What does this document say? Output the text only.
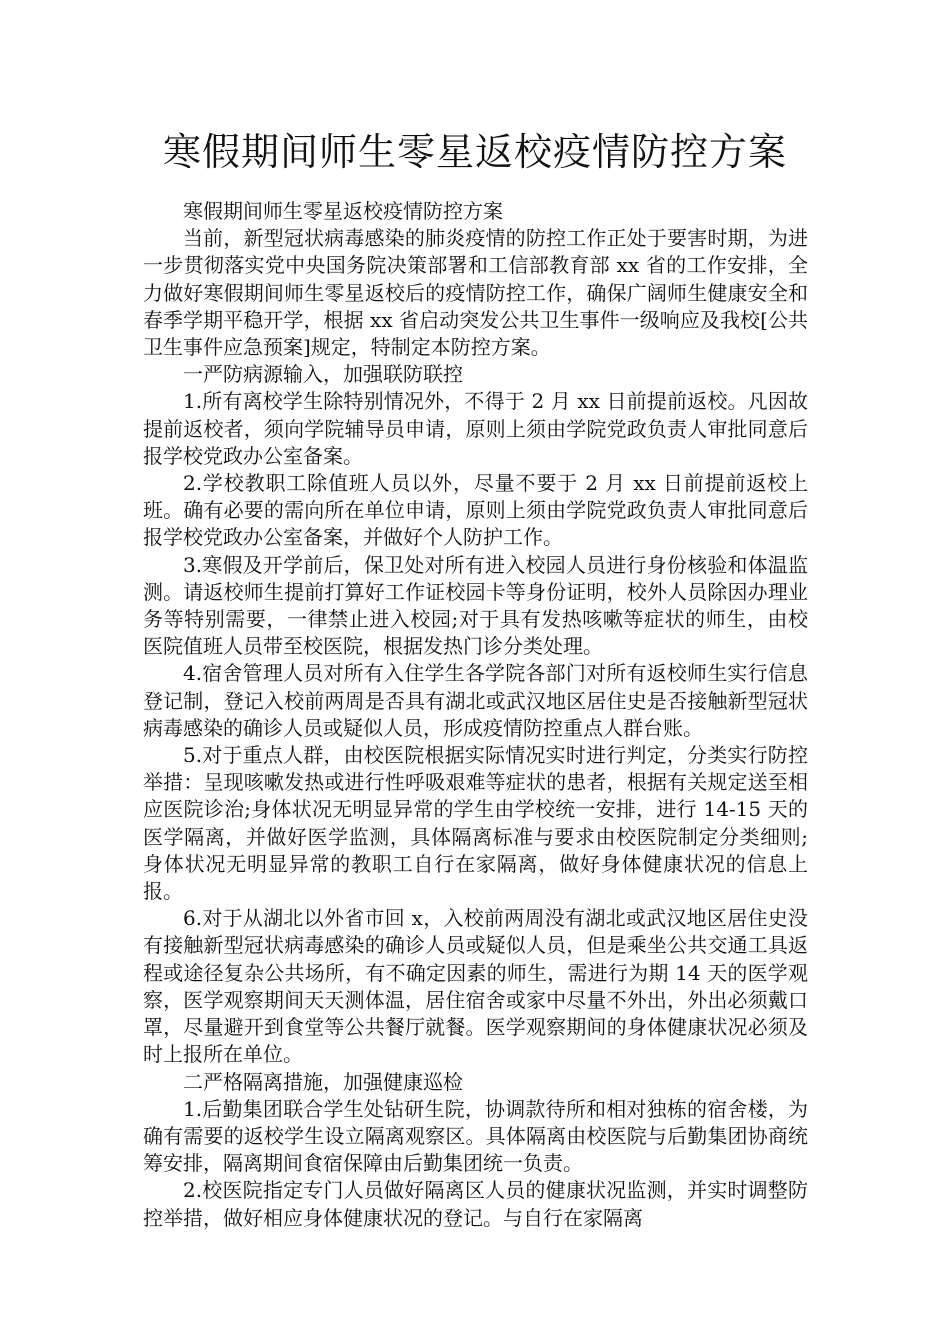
寒假期间师生零星返校疫情防控方案

寒假期间师生零星返校疫情防控方案

当前，新型冠状病毒感染的肺炎疫情的防控工作正处于要害时期，为进一步贯彻落实党中央国务院决策部署和工信部教育部 xx 省的工作安排，全力做好寒假期间师生零星返校后的疫情防控工作，确保广阔师生健康安全和春季学期平稳开学，根据 xx 省启动突发公共卫生事件一级响应及我校[公共卫生事件应急预案]规定，特制定本防控方案。

一严防病源输入，加强联防联控

1.所有离校学生除特别情况外，不得于 2 月 xx 日前提前返校。凡因故提前返校者，须向学院辅导员申请，原则上须由学院党政负责人审批同意后报学校党政办公室备案。

2.学校教职工除值班人员以外，尽量不要于 2 月 xx 日前提前返校上班。确有必要的需向所在单位申请，原则上须由学院党政负责人审批同意后报学校党政办公室备案，并做好个人防护工作。

3.寒假及开学前后，保卫处对所有进入校园人员进行身份核验和体温监测。请返校师生提前打算好工作证校园卡等身份证明，校外人员除因办理业务等特别需要，一律禁止进入校园;对于具有发热咳嗽等症状的师生，由校医院值班人员带至校医院，根据发热门诊分类处理。

4.宿舍管理人员对所有入住学生各学院各部门对所有返校师生实行信息登记制，登记入校前两周是否具有湖北或武汉地区居住史是否接触新型冠状病毒感染的确诊人员或疑似人员，形成疫情防控重点人群台账。

5.对于重点人群，由校医院根据实际情况实时进行判定，分类实行防控举措：呈现咳嗽发热或进行性呼吸艰难等症状的患者，根据有关规定送至相应医院诊治;身体状况无明显异常的学生由学校统一安排，进行 14-15 天的医学隔离，并做好医学监测，具体隔离标准与要求由校医院制定分类细则;身体状况无明显异常的教职工自行在家隔离，做好身体健康状况的信息上报。

6.对于从湖北以外省市回 x，入校前两周没有湖北或武汉地区居住史没有接触新型冠状病毒感染的确诊人员或疑似人员，但是乘坐公共交通工具返程或途径复杂公共场所，有不确定因素的师生，需进行为期 14 天的医学观察，医学观察期间天天测体温，居住宿舍或家中尽量不外出，外出必须戴口罩，尽量避开到食堂等公共餐厅就餐。医学观察期间的身体健康状况必须及时上报所在单位。

二严格隔离措施，加强健康巡检

1.后勤集团联合学生处钻研生院，协调款待所和相对独栋的宿舍楼，为确有需要的返校学生设立隔离观察区。具体隔离由校医院与后勤集团协商统筹安排，隔离期间食宿保障由后勤集团统一负责。

2.校医院指定专门人员做好隔离区人员的健康状况监测，并实时调整防控举措，做好相应身体健康状况的登记。与自行在家隔离
